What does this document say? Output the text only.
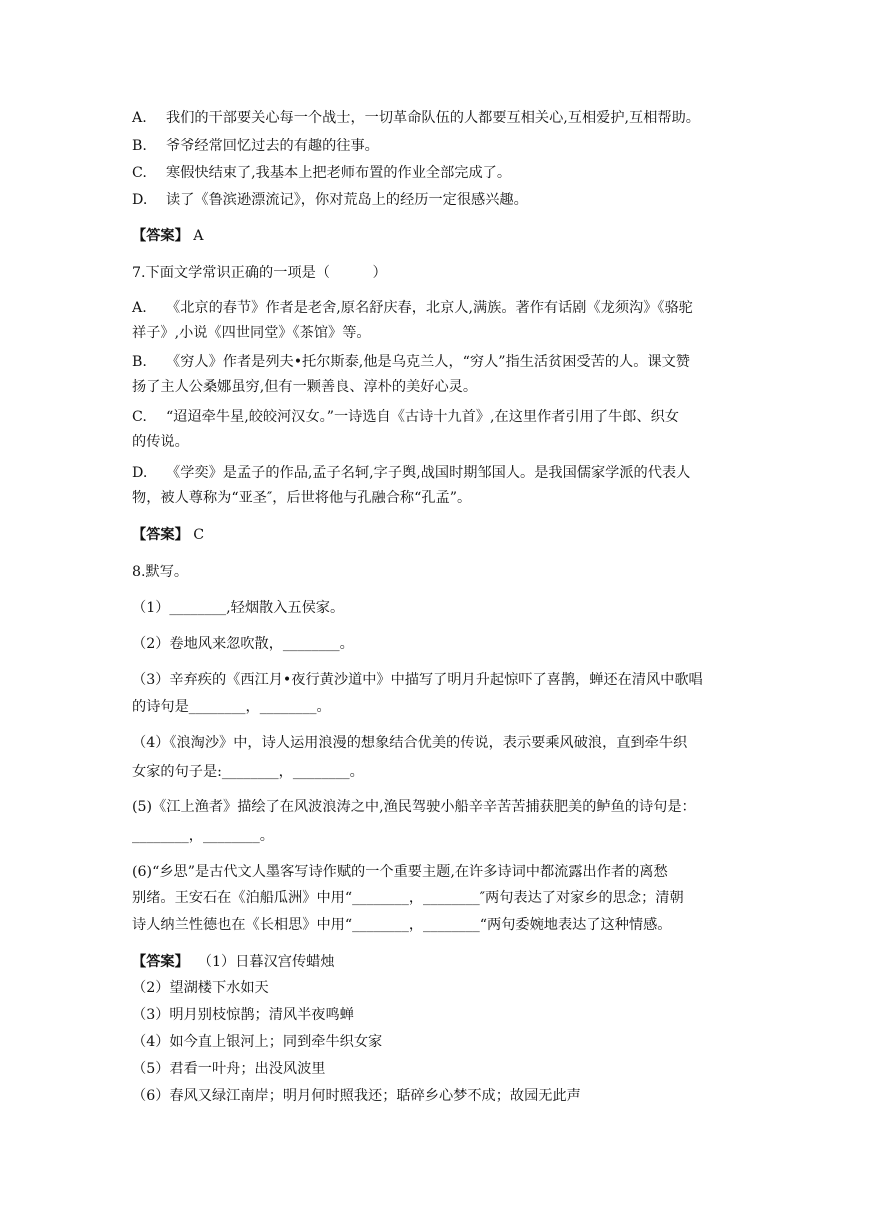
A. 我们的干部要关心每一个战士，一切革命队伍的人都要互相关心,互相爱护,互相帮助。
B. 爷爷经常回忆过去的有趣的往事。
C. 寒假快结束了,我基本上把老师布置的作业全部完成了。
D. 读了《鲁滨逊漂流记》，你对荒岛上的经历一定很感兴趣。
【答案】 A
7.下面文学常识正确的一项是（　　　）
A. 《北京的春节》作者是老舍,原名舒庆春，北京人,满族。著作有话剧《龙须沟》《骆驼
祥子》,小说《四世同堂》《茶馆》等。
B. 《穷人》作者是列夫•托尔斯泰,他是乌克兰人，“穷人”指生活贫困受苦的人。课文赞
扬了主人公桑娜虽穷,但有一颗善良、淳朴的美好心灵。
C. “迢迢牵牛星,皎皎河汉女。”一诗选自《古诗十九首》,在这里作者引用了牛郎、织女
的传说。
D. 《学奕》是孟子的作品,孟子名轲,字子舆,战国时期邹国人。是我国儒家学派的代表人
物，被人尊称为“亚圣″，后世将他与孔融合称“孔孟”。
【答案】 C
8.默写。
（1）________,轻烟散入五侯家。
（2）卷地风来忽吹散，________。
（3）辛弃疾的《西江月•夜行黄沙道中》中描写了明月升起惊吓了喜鹊，蝉还在清风中歌唱
的诗句是________，________。
（4）《浪淘沙》中，诗人运用浪漫的想象结合优美的传说，表示要乘风破浪，直到牵牛织
女家的句子是:________，________。
(5)《江上渔者》描绘了在风波浪涛之中,渔民驾驶小船辛辛苦苦捕获肥美的鲈鱼的诗句是：
________，________。
(6)“乡思”是古代文人墨客写诗作赋的一个重要主题,在许多诗词中都流露出作者的离愁
别绪。王安石在《泊船瓜洲》中用“________，________″两句表达了对家乡的思念；清朝
诗人纳兰性德也在《长相思》中用“________，________“两句委婉地表达了这种情感。
【答案】 （1）日暮汉宫传蜡烛
（2）望湖楼下水如天
（3）明月别枝惊鹊；清风半夜鸣蝉
（4）如今直上银河上；同到牵牛织女家
（5）君看一叶舟；出没风波里
（6）春风又绿江南岸；明月何时照我还；聒碎乡心梦不成；故园无此声
